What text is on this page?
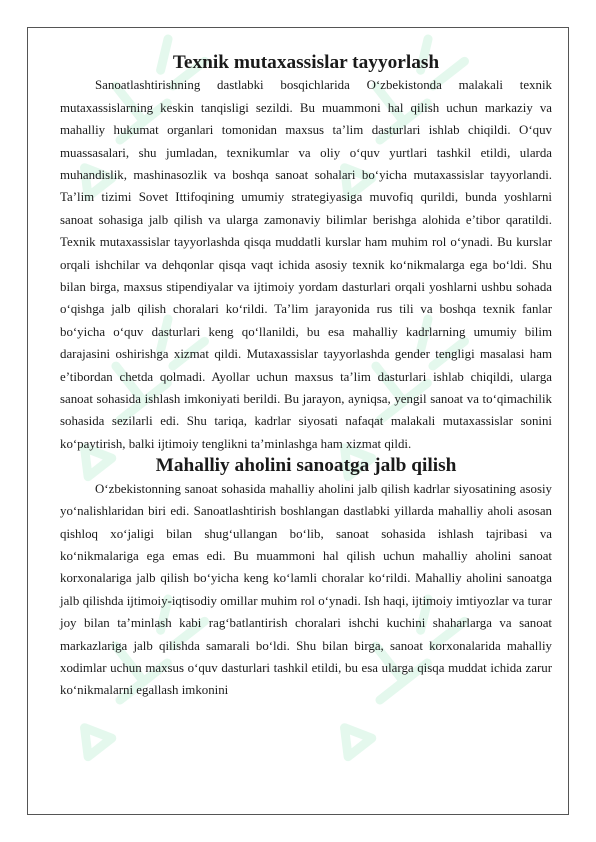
Texnik mutaxassislar tayyorlash

Sanoatlashtirishning dastlabki bosqichlarida O‘zbekistonda malakali texnik mutaxassislarning keskin tanqisligi sezildi. Bu muammoni hal qilish uchun markaziy va mahalliy hukumat organlari tomonidan maxsus ta’lim dasturlari ishlab chiqildi. O‘quv muassasalari, shu jumladan, texnikumlar va oliy o‘quv yurtlari tashkil etildi, ularda muhandislik, mashinasozlik va boshqa sanoat sohalari bo‘yicha mutaxassislar tayyorlandi. Ta’lim tizimi Sovet Ittifoqining umumiy strategiyasiga muvofiq qurildi, bunda yoshlarni sanoat sohasiga jalb qilish va ularga zamonaviy bilimlar berishga alohida e’tibor qaratildi. Texnik mutaxassislar tayyorlashda qisqa muddatli kurslar ham muhim rol o‘ynadi. Bu kurslar orqali ishchilar va dehqonlar qisqa vaqt ichida asosiy texnik ko‘nikmalarga ega bo‘ldi. Shu bilan birga, maxsus stipendiyalar va ijtimoiy yordam dasturlari orqali yoshlarni ushbu sohada o‘qishga jalb qilish choralari ko‘rildi. Ta’lim jarayonida rus tili va boshqa texnik fanlar bo‘yicha o‘quv dasturlari keng qo‘llanildi, bu esa mahalliy kadrlarning umumiy bilim darajasini oshirishga xizmat qildi. Mutaxassislar tayyorlashda gender tengligi masalasi ham e’tibordan chetda qolmadi. Ayollar uchun maxsus ta’lim dasturlari ishlab chiqildi, ularga sanoat sohasida ishlash imkoniyati berildi. Bu jarayon, ayniqsa, yengil sanoat va to‘qimachilik sohasida sezilarli edi. Shu tariqa, kadrlar siyosati nafaqat malakali mutaxassislar sonini ko‘paytirish, balki ijtimoiy tenglikni ta’minlashga ham xizmat qildi.

Mahalliy aholini sanoatga jalb qilish

O‘zbekistonning sanoat sohasida mahalliy aholini jalb qilish kadrlar siyosatining asosiy yo‘nalishlaridan biri edi. Sanoatlashtirish boshlangan dastlabki yillarda mahalliy aholi asosan qishloq xo‘jaligi bilan shug‘ullangan bo‘lib, sanoat sohasida ishlash tajribasi va ko‘nikmalariga ega emas edi. Bu muammoni hal qilish uchun mahalliy aholini sanoat korxonalariga jalb qilish bo‘yicha keng ko‘lamli choralar ko‘rildi. Mahalliy aholini sanoatga jalb qilishda ijtimoiy-iqtisodiy omillar muhim rol o‘ynadi. Ish haqi, ijtimoiy imtiyozlar va turar joy bilan ta’minlash kabi rag‘batlantirish choralari ishchi kuchini shaharlarga va sanoat markazlariga jalb qilishda samarali bo‘ldi. Shu bilan birga, sanoat korxonalarida mahalliy xodimlar uchun maxsus o‘quv dasturlari tashkil etildi, bu esa ularga qisqa muddat ichida zarur ko‘nikmalarni egallash imkonini
